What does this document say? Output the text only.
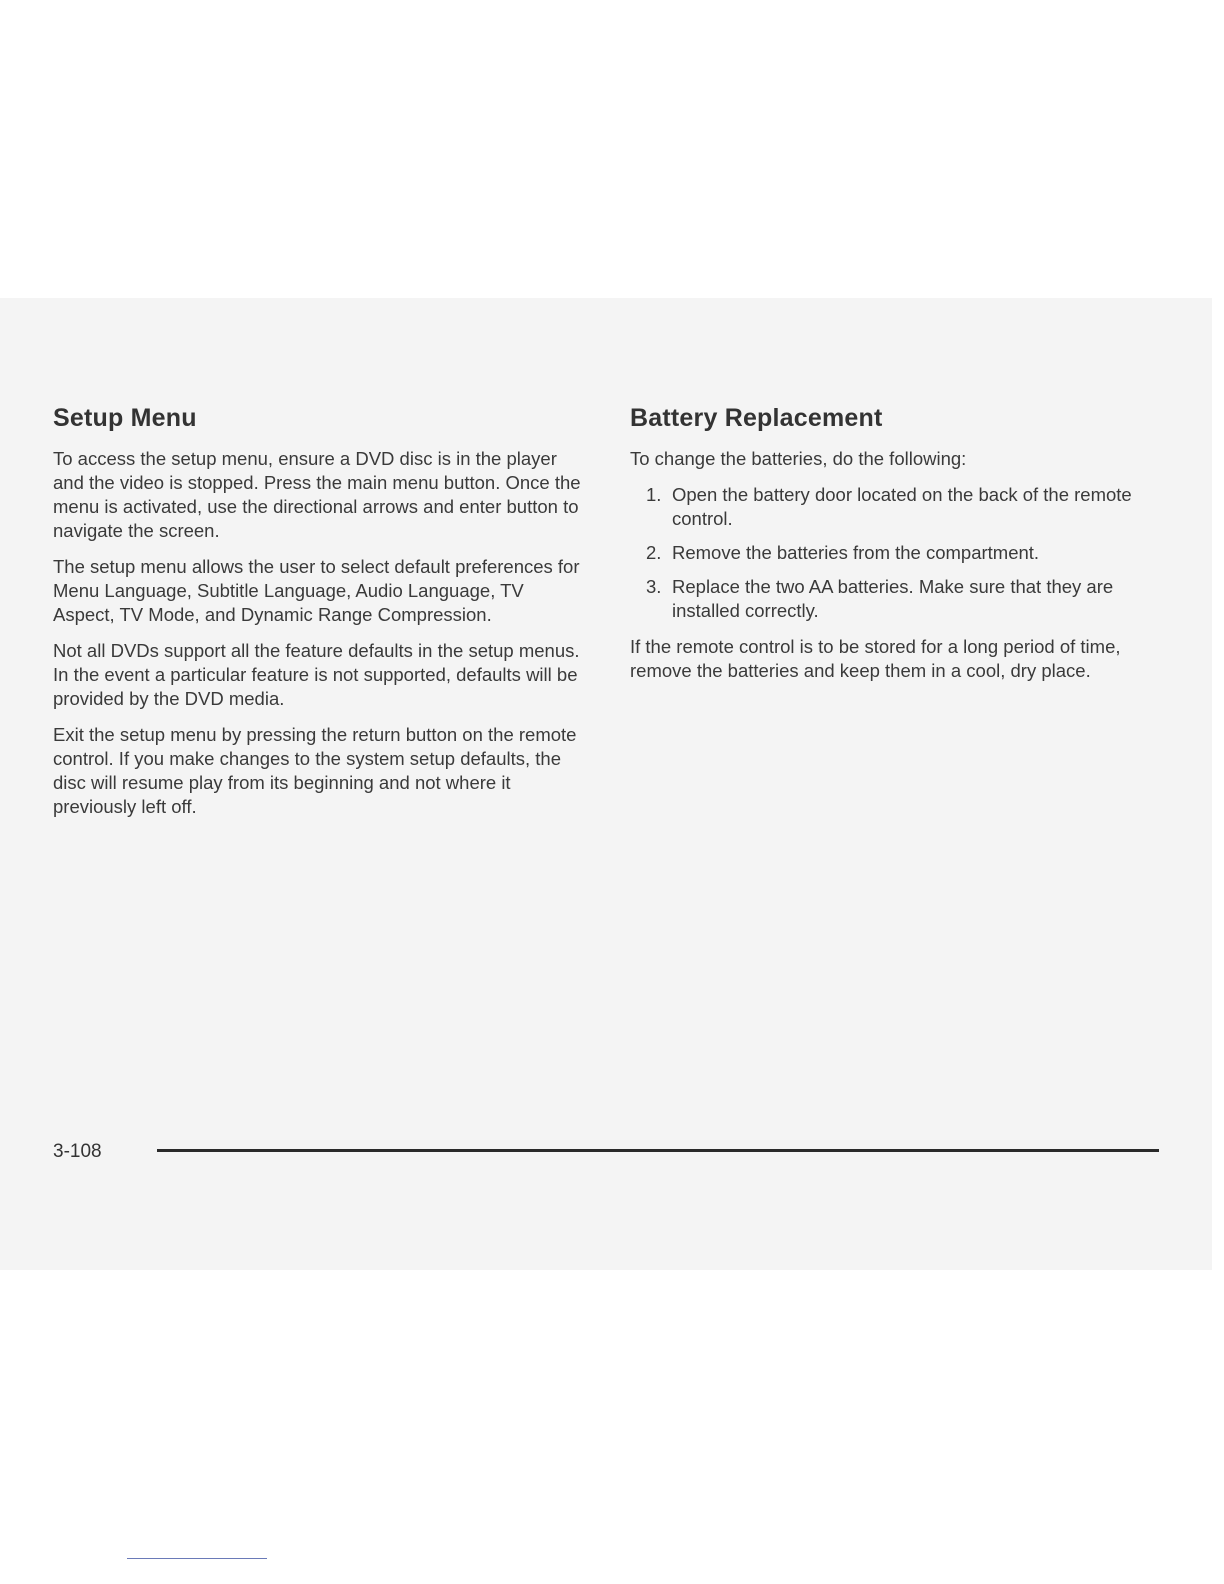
Setup Menu

To access the setup menu, ensure a DVD disc is in the player and the video is stopped. Press the main menu button. Once the menu is activated, use the directional arrows and enter button to navigate the screen.

The setup menu allows the user to select default preferences for Menu Language, Subtitle Language, Audio Language, TV Aspect, TV Mode, and Dynamic Range Compression.

Not all DVDs support all the feature defaults in the setup menus. In the event a particular feature is not supported, defaults will be provided by the DVD media.

Exit the setup menu by pressing the return button on the remote control. If you make changes to the system setup defaults, the disc will resume play from its beginning and not where it previously left off.

Battery Replacement

To change the batteries, do the following:

1. Open the battery door located on the back of the remote control.
2. Remove the batteries from the compartment.
3. Replace the two AA batteries. Make sure that they are installed correctly.

If the remote control is to be stored for a long period of time, remove the batteries and keep them in a cool, dry place.

3-108
